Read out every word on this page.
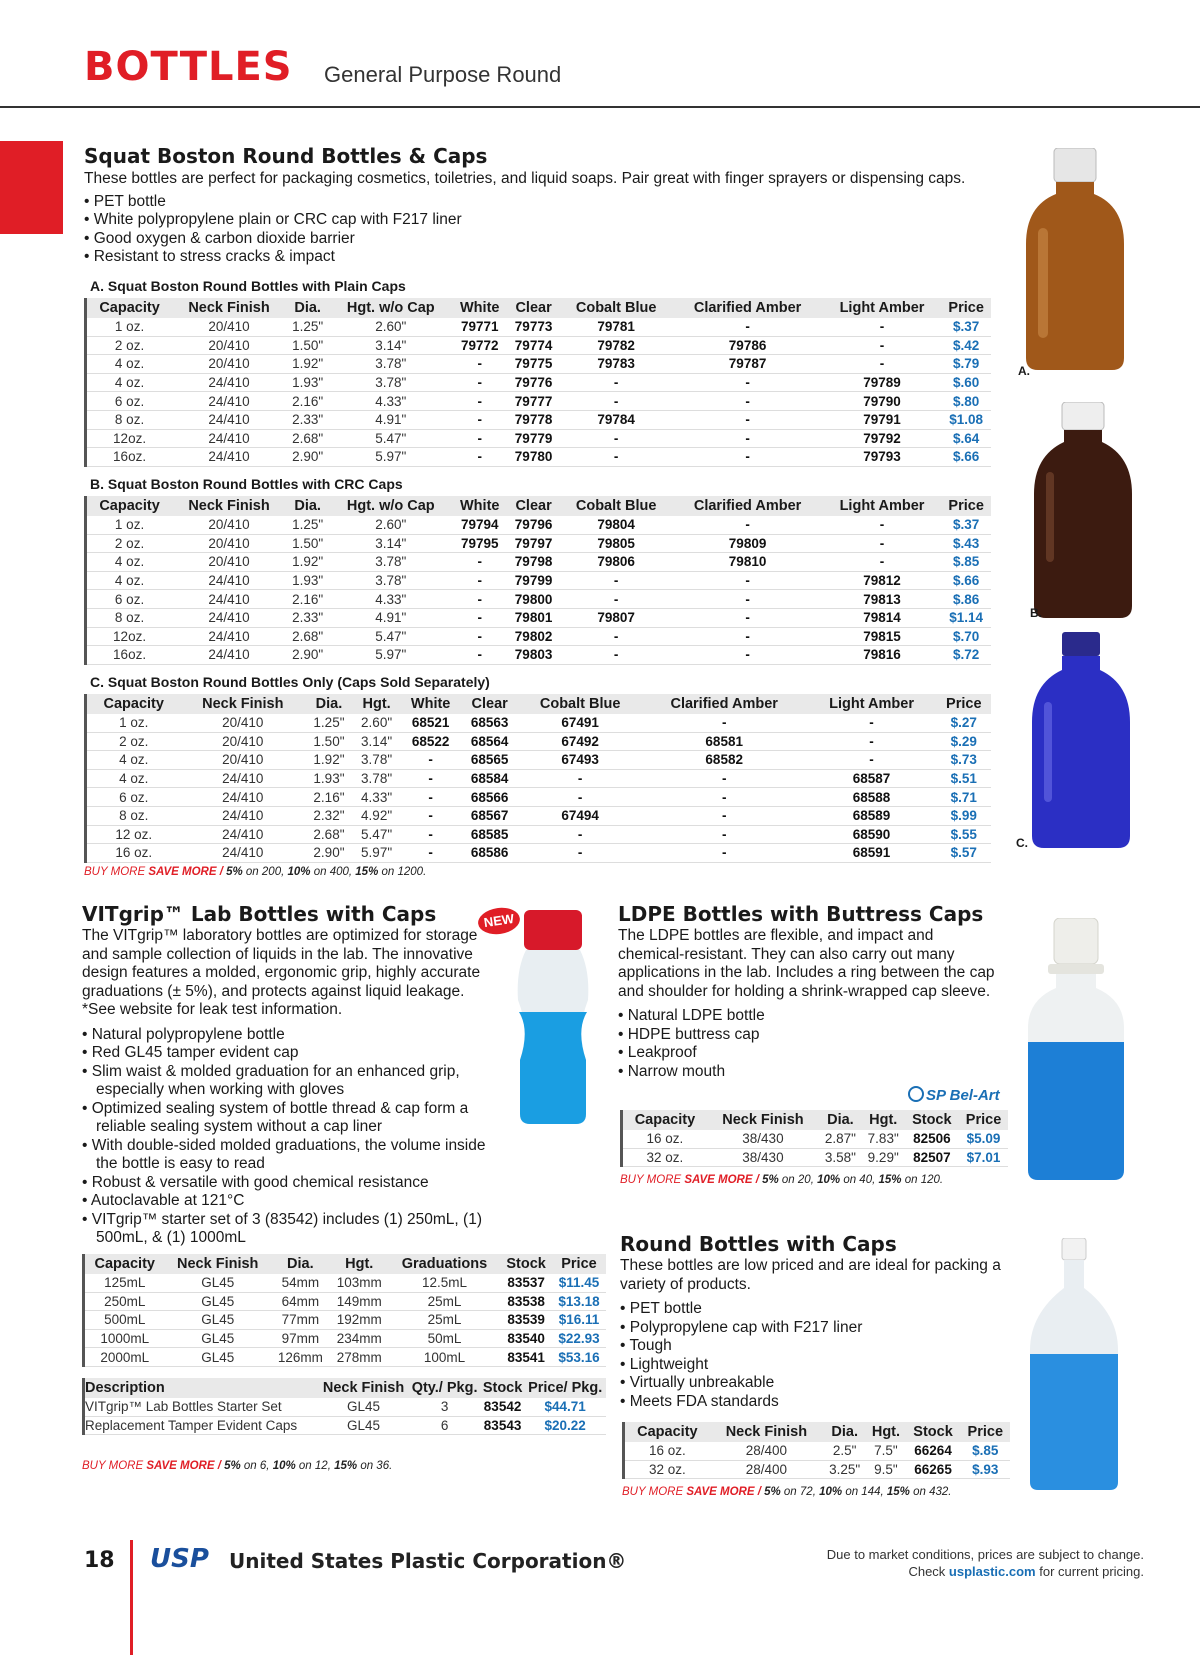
BOTTLES General Purpose Round
Squat Boston Round Bottles & Caps
These bottles are perfect for packaging cosmetics, toiletries, and liquid soaps. Pair great with finger sprayers or dispensing caps.
• PET bottle
• White polypropylene plain or CRC cap with F217 liner
• Good oxygen & carbon dioxide barrier
• Resistant to stress cracks & impact
A. Squat Boston Round Bottles with Plain Caps
Capacity	Neck Finish	Dia.	Hgt. w/o Cap	White	Clear	Cobalt Blue	Clarified Amber	Light Amber	Price
1 oz.	20/410	1.25"	2.60"	79771	79773	79781	-	-	$.37
2 oz.	20/410	1.50"	3.14"	79772	79774	79782	79786	-	$.42
4 oz.	20/410	1.92"	3.78"	-	79775	79783	79787	-	$.79
4 oz.	24/410	1.93"	3.78"	-	79776	-	-	79789	$.60
6 oz.	24/410	2.16"	4.33"	-	79777	-	-	79790	$.80
8 oz.	24/410	2.33"	4.91"	-	79778	79784	-	79791	$1.08
12oz.	24/410	2.68"	5.47"	-	79779	-	-	79792	$.64
16oz.	24/410	2.90"	5.97"	-	79780	-	-	79793	$.66
B. Squat Boston Round Bottles with CRC Caps
Capacity	Neck Finish	Dia.	Hgt. w/o Cap	White	Clear	Cobalt Blue	Clarified Amber	Light Amber	Price
1 oz.	20/410	1.25"	2.60"	79794	79796	79804	-	-	$.37
2 oz.	20/410	1.50"	3.14"	79795	79797	79805	79809	-	$.43
4 oz.	20/410	1.92"	3.78"	-	79798	79806	79810	-	$.85
4 oz.	24/410	1.93"	3.78"	-	79799	-	-	79812	$.66
6 oz.	24/410	2.16"	4.33"	-	79800	-	-	79813	$.86
8 oz.	24/410	2.33"	4.91"	-	79801	79807	-	79814	$1.14
12oz.	24/410	2.68"	5.47"	-	79802	-	-	79815	$.70
16oz.	24/410	2.90"	5.97"	-	79803	-	-	79816	$.72
C. Squat Boston Round Bottles Only (Caps Sold Separately)
Capacity	Neck Finish	Dia.	Hgt.	White	Clear	Cobalt Blue	Clarified Amber	Light Amber	Price
1 oz.	20/410	1.25"	2.60"	68521	68563	67491	-	-	$.27
2 oz.	20/410	1.50"	3.14"	68522	68564	67492	68581	-	$.29
4 oz.	20/410	1.92"	3.78"	-	68565	67493	68582	-	$.73
4 oz.	24/410	1.93"	3.78"	-	68584	-	-	68587	$.51
6 oz.	24/410	2.16"	4.33"	-	68566	-	-	68588	$.71
8 oz.	24/410	2.32"	4.92"	-	68567	67494	-	68589	$.99
12 oz.	24/410	2.68"	5.47"	-	68585	-	-	68590	$.55
16 oz.	24/410	2.90"	5.97"	-	68586	-	-	68591	$.57
BUY MORE SAVE MORE / 5% on 200, 10% on 400, 15% on 1200.
A.
B.
C.
VITgrip™ Lab Bottles with Caps
The VITgrip™ laboratory bottles are optimized for storage and sample collection of liquids in the lab. The innovative design features a molded, ergonomic grip, highly accurate graduations (± 5%), and protects against liquid leakage. *See website for leak test information.
• Natural polypropylene bottle
• Red GL45 tamper evident cap
• Slim waist & molded graduation for an enhanced grip, especially when working with gloves
• Optimized sealing system of bottle thread & cap form a reliable sealing system without a cap liner
• With double-sided molded graduations, the volume inside the bottle is easy to read
• Robust & versatile with good chemical resistance
• Autoclavable at 121°C
• VITgrip™ starter set of 3 (83542) includes (1) 250mL, (1) 500mL, & (1) 1000mL
NEW
Capacity	Neck Finish	Dia.	Hgt.	Graduations	Stock	Price
125mL	GL45	54mm	103mm	12.5mL	83537	$11.45
250mL	GL45	64mm	149mm	25mL	83538	$13.18
500mL	GL45	77mm	192mm	25mL	83539	$16.11
1000mL	GL45	97mm	234mm	50mL	83540	$22.93
2000mL	GL45	126mm	278mm	100mL	83541	$53.16
Description	Neck Finish	Qty./ Pkg.	Stock	Price/ Pkg.
VITgrip™ Lab Bottles Starter Set	GL45	3	83542	$44.71
Replacement Tamper Evident Caps	GL45	6	83543	$20.22
BUY MORE SAVE MORE / 5% on 6, 10% on 12, 15% on 36.
LDPE Bottles with Buttress Caps
The LDPE bottles are flexible, and impact and chemical-resistant. They can also carry out many applications in the lab. Includes a ring between the cap and shoulder for holding a shrink-wrapped cap sleeve.
• Natural LDPE bottle
• HDPE buttress cap
• Leakproof
• Narrow mouth
SP Bel-Art
Capacity	Neck Finish	Dia.	Hgt.	Stock	Price
16 oz.	38/430	2.87"	7.83"	82506	$5.09
32 oz.	38/430	3.58"	9.29"	82507	$7.01
BUY MORE SAVE MORE / 5% on 20, 10% on 40, 15% on 120.
Round Bottles with Caps
These bottles are low priced and are ideal for packing a variety of products.
• PET bottle
• Polypropylene cap with F217 liner
• Tough
• Lightweight
• Virtually unbreakable
• Meets FDA standards
Capacity	Neck Finish	Dia.	Hgt.	Stock	Price
16 oz.	28/400	2.5"	7.5"	66264	$.85
32 oz.	28/400	3.25"	9.5"	66265	$.93
BUY MORE SAVE MORE / 5% on 72, 10% on 144, 15% on 432.
18 USP United States Plastic Corporation®	Due to market conditions, prices are subject to change.
Check usplastic.com for current pricing.
